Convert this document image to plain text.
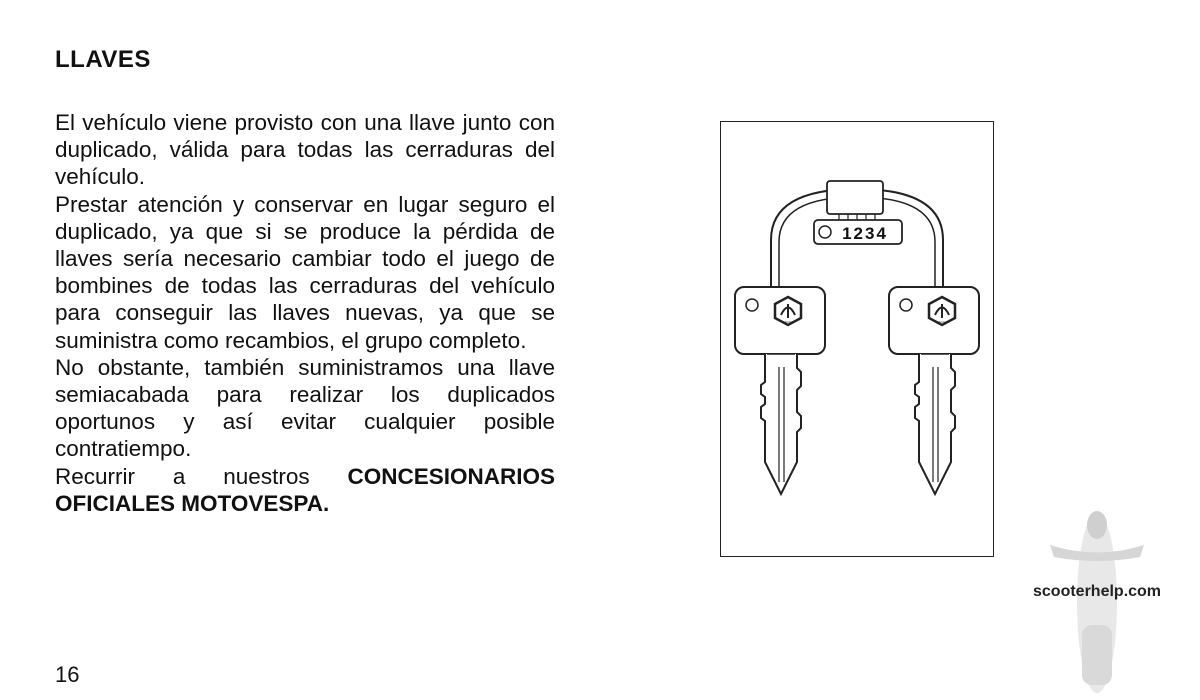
LLAVES

El vehículo viene provisto con una llave junto con duplicado, válida para todas las cerraduras del vehículo.

Prestar atención y conservar en lugar seguro el duplicado, ya que si se produce la pérdida de llaves sería necesario cambiar todo el juego de bombines de todas las cerraduras del vehículo para conseguir las llaves nuevas, ya que se suministra como recambios, el grupo completo.

No obstante, también suministramos una llave semiacabada para realizar los duplicados oportunos y así evitar cualquier posible contratiempo.

Recurrir a nuestros CONCESIONARIOS OFICIALES MOTOVESPA.

1234
PIAGGIO	PIAGGIO
16
scooterhelp.com
